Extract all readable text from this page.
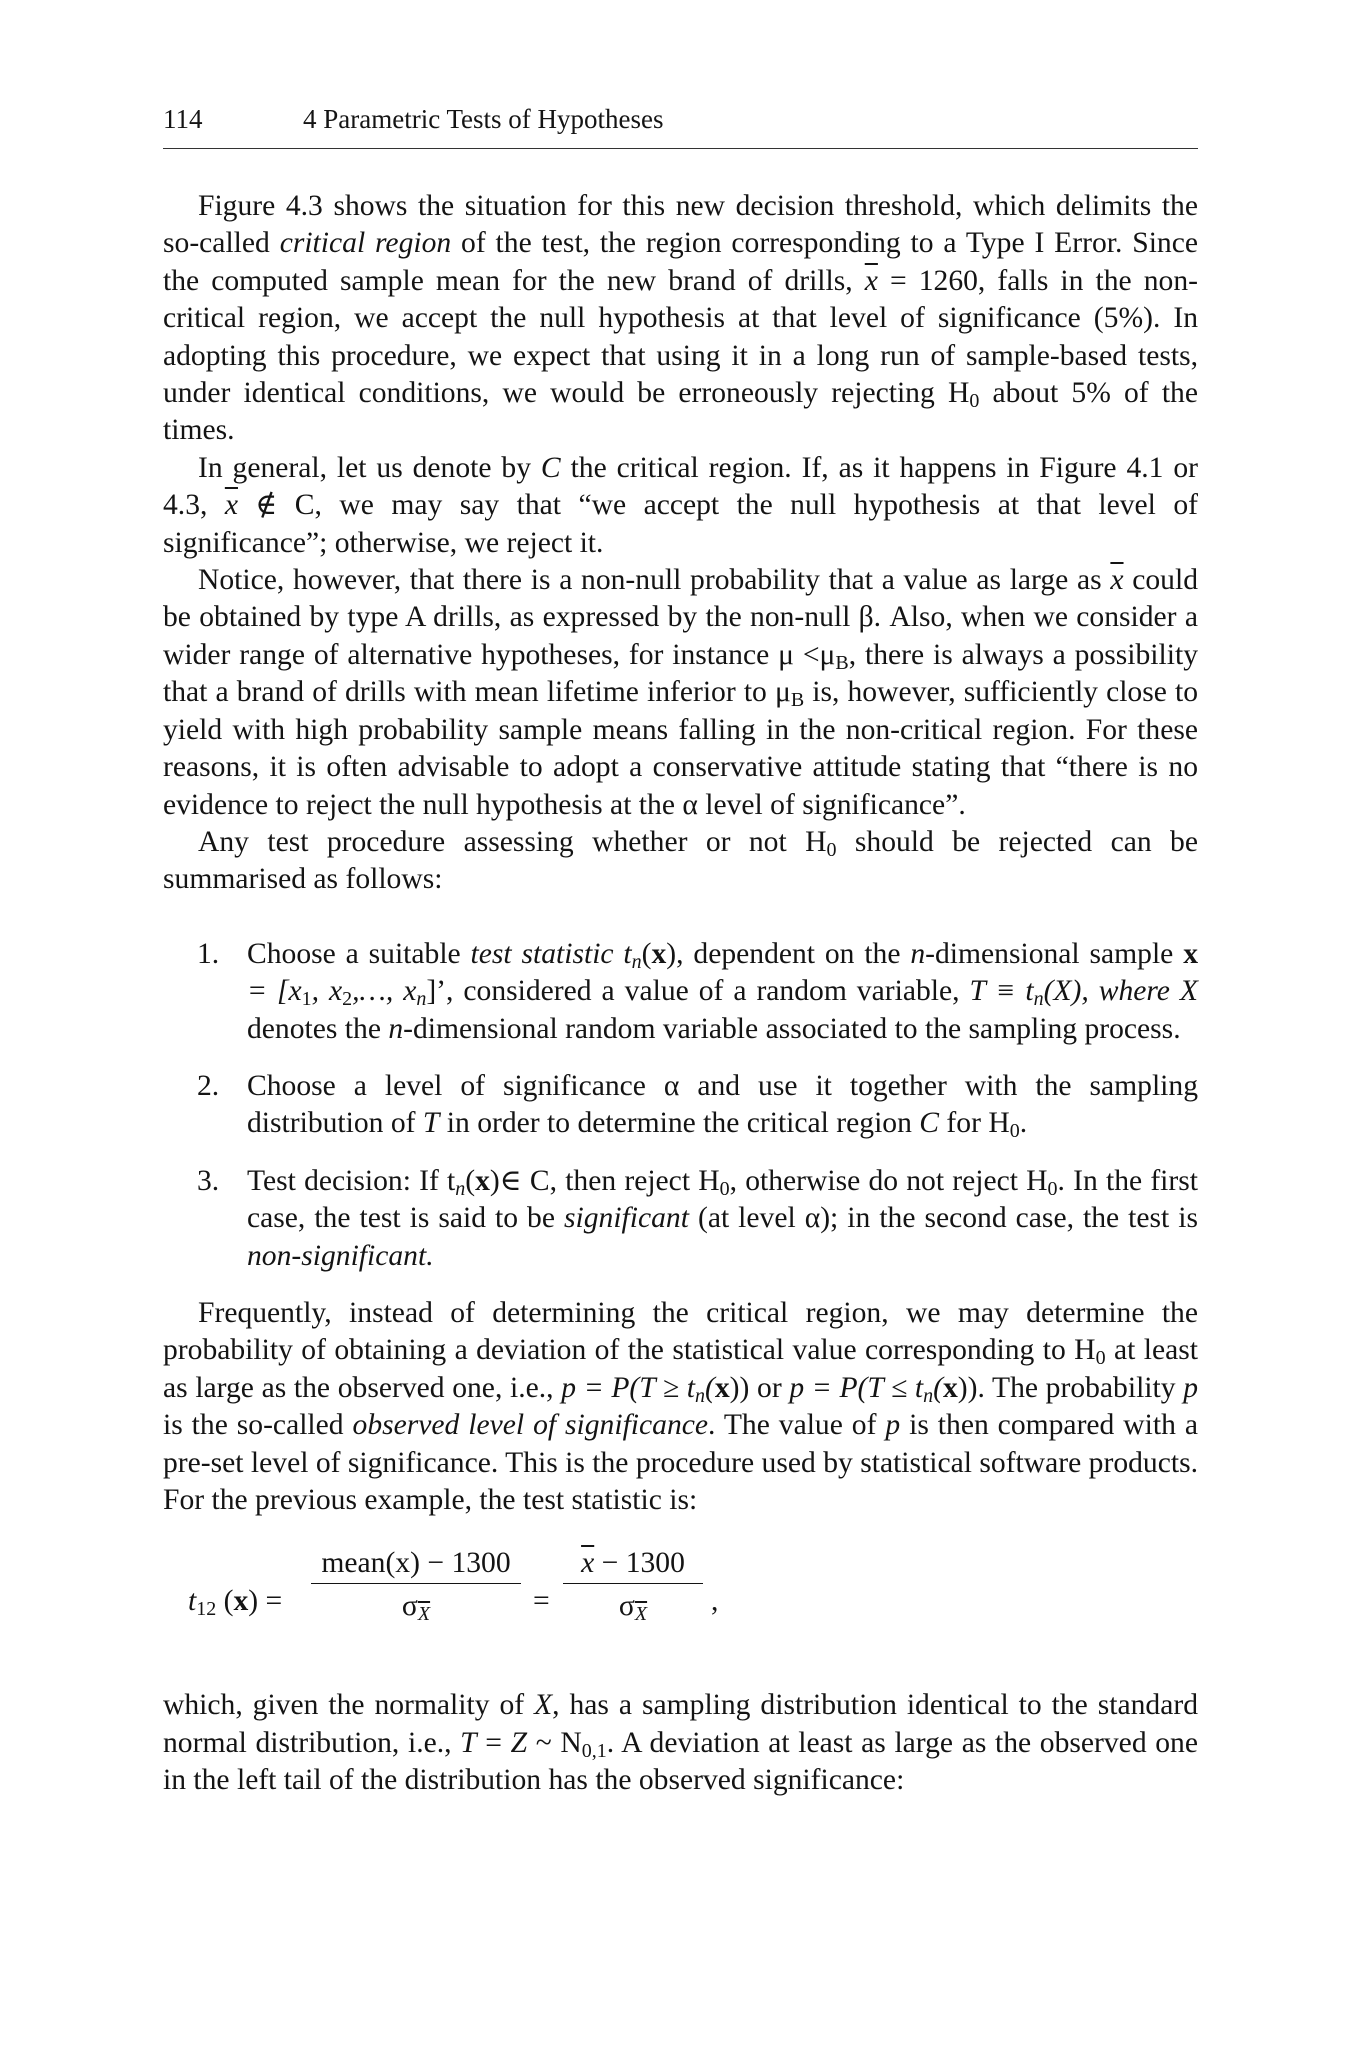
114	4 Parametric Tests of Hypotheses

Figure 4.3 shows the situation for this new decision threshold, which delimits the so-called critical region of the test, the region corresponding to a Type I Error. Since the computed sample mean for the new brand of drills, $\overline{x} = 1260$, falls in the non-critical region, we accept the null hypothesis at that level of significance (5%). In adopting this procedure, we expect that using it in a long run of sample-based tests, under identical conditions, we would be erroneously rejecting $H_0$ about 5% of the times.

In general, let us denote by C the critical region. If, as it happens in Figure 4.1 or 4.3, $\overline{x}$ ∉ C, we may say that “we accept the null hypothesis at that level of significance”; otherwise, we reject it.

Notice, however, that there is a non-null probability that a value as large as $\overline{x}$ could be obtained by type A drills, as expressed by the non-null β. Also, when we consider a wider range of alternative hypotheses, for instance $\mu <\mu_B$, there is always a possibility that a brand of drills with mean lifetime inferior to $\mu_B$ is, however, sufficiently close to yield with high probability sample means falling in the non-critical region. For these reasons, it is often advisable to adopt a conservative attitude stating that “there is no evidence to reject the null hypothesis at the α level of significance”.

Any test procedure assessing whether or not $H_0$ should be rejected can be summarised as follows:

1. Choose a suitable test statistic $t_n(x)$, dependent on the n-dimensional sample $x = [x_1$, $x_2,\dots$, $x_n$]’, considered a value of a random variable, $T \equiv t_n(X)$, where X denotes the n-dimensional random variable associated to the sampling process.
2. Choose a level of significance α and use it together with the sampling distribution of T in order to determine the critical region C for $H_0$.
3. Test decision: If $t_n(x)\in$ C, then reject $H_0$, otherwise do not reject $H_0$. In the first case, the test is said to be significant (at level α); in the second case, the test is non-significant.

Frequently, instead of determining the critical region, we may determine the probability of obtaining a deviation of the statistical value corresponding to $H_0$ at least as large as the observed one, i.e., $p = P(T \ge t_n(x))$ or $p = P(T \le t_n(x))$. The probability p is the so-called observed level of significance. The value of p is then compared with a pre-set level of significance. This is the procedure used by statistical software products. For the previous example, the test statistic is:

$t_{12}$ (x) =
mean(x) − 1300
$\sigma_{\overline{X}}$	= $\frac{\overline{x} - 1300}{\sigma_{\overline{X}}}$ ,

which, given the normality of X, has a sampling distribution identical to the standard normal distribution, i.e., T = Z ~ $N_{0,1}$. A deviation at least as large as the observed one in the left tail of the distribution has the observed significance:
